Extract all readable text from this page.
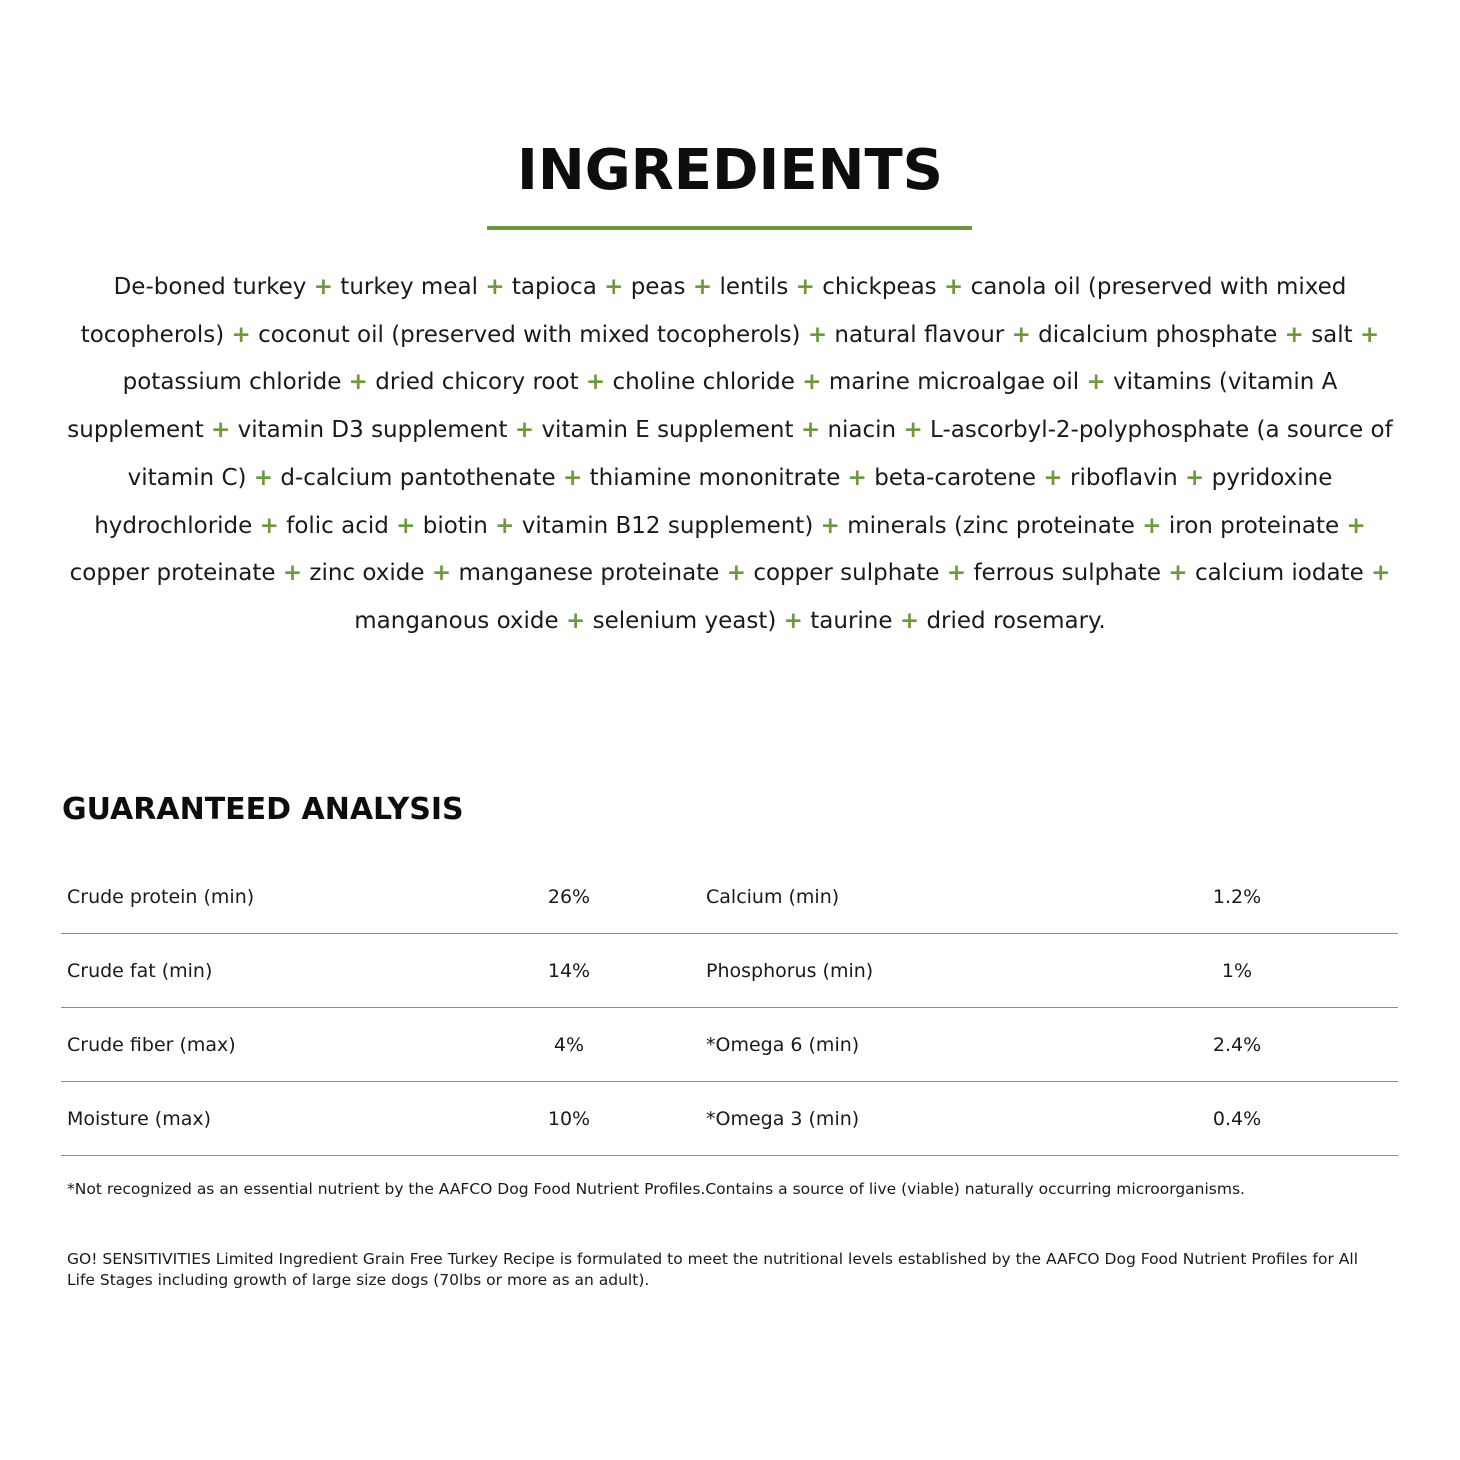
INGREDIENTS

De-boned turkey + turkey meal + tapioca + peas + lentils + chickpeas + canola oil (preserved with mixed tocopherols) + coconut oil (preserved with mixed tocopherols) + natural flavour + dicalcium phosphate + salt + potassium chloride + dried chicory root + choline chloride + marine microalgae oil + vitamins (vitamin A supplement + vitamin D3 supplement + vitamin E supplement + niacin + L-ascorbyl-2-polyphosphate (a source of vitamin C) + d-calcium pantothenate + thiamine mononitrate + beta-carotene + riboflavin + pyridoxine hydrochloride + folic acid + biotin + vitamin B12 supplement) + minerals (zinc proteinate + iron proteinate + copper proteinate + zinc oxide + manganese proteinate + copper sulphate + ferrous sulphate + calcium iodate + manganous oxide + selenium yeast) + taurine + dried rosemary.

GUARANTEED ANALYSIS
Crude protein (min)	26%	Calcium (min)	1.2%
Crude fat (min)	14%	Phosphorus (min)	1%
Crude fiber (max)	4%	*Omega 6 (min)	2.4%
Moisture (max)	10%	*Omega 3 (min)	0.4%

*Not recognized as an essential nutrient by the AAFCO Dog Food Nutrient Profiles.Contains a source of live (viable) naturally occurring microorganisms.

GO! SENSITIVITIES Limited Ingredient Grain Free Turkey Recipe is formulated to meet the nutritional levels established by the AAFCO Dog Food Nutrient Profiles for All Life Stages including growth of large size dogs (70lbs or more as an adult).
